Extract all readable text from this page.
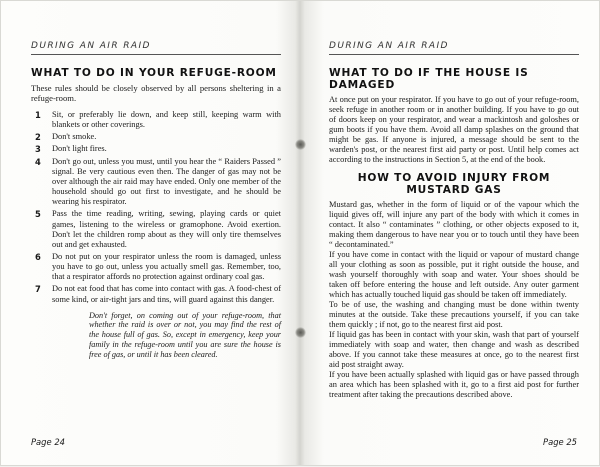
DURING AN AIR RAID
WHAT TO DO IN YOUR REFUGE-ROOM

These rules should be closely observed by all persons sheltering in a refuge-room.

1	Sit, or preferably lie down, and keep still, keeping warm with blankets or other coverings.
2	Don't smoke.
3	Don't light fires.
4	Don't go out, unless you must, until you hear the “ Raiders Passed ” signal. Be very cautious even then. The danger of gas may not be over although the air raid may have ended. Only one member of the household should go out first to investigate, and he should be wearing his respirator.
5	Pass the time reading, writing, sewing, playing cards or quiet games, listening to the wireless or gramophone. Avoid exertion. Don't let the children romp about as they will only tire themselves out and get exhausted.
6	Do not put on your respirator unless the room is damaged, unless you have to go out, unless you actually smell gas. Remember, too, that a respirator affords no protection against ordinary coal gas.
7	Do not eat food that has come into contact with gas. A food-chest of some kind, or air-tight jars and tins, will guard against this danger.

Don't forget, on coming out of your refuge-room, that whether the raid is over or not, you may find the rest of the house full of gas. So, except in emergency, keep your family in the refuge-room until you are sure the house is free of gas, or until it has been cleared.

Page 24
DURING AN AIR RAID
WHAT TO DO IF THE HOUSE IS DAMAGED

At once put on your respirator. If you have to go out of your refuge-room, seek refuge in another room or in another building. If you have to go out of doors keep on your respirator, and wear a mackintosh and goloshes or gum boots if you have them. Avoid all damp splashes on the ground that might be gas. If anyone is injured, a message should be sent to the warden's post, or the nearest first aid party or post. Until help comes act according to the instructions in Section 5, at the end of the book.

HOW TO AVOID INJURY FROM
MUSTARD GAS

Mustard gas, whether in the form of liquid or of the vapour which the liquid gives off, will injure any part of the body with which it comes in contact. It also “ contaminates ” clothing, or other objects exposed to it, making them dangerous to have near you or to touch until they have been “ decontaminated.”

If you have come in contact with the liquid or vapour of mustard change all your clothing as soon as possible, put it right outside the house, and wash yourself thoroughly with soap and water. Your shoes should be taken off before entering the house and left outside. Any outer garment which has actually touched liquid gas should be taken off immediately.

To be of use, the washing and changing must be done within twenty minutes at the outside. Take these precautions yourself, if you can take them quickly ; if not, go to the nearest first aid post.

If liquid gas has been in contact with your skin, wash that part of yourself immediately with soap and water, then change and wash as described above. If you cannot take these measures at once, go to the nearest first aid post straight away.

If you have been actually splashed with liquid gas or have passed through an area which has been splashed with it, go to a first aid post for further treatment after taking the precautions described above.

Page 25
